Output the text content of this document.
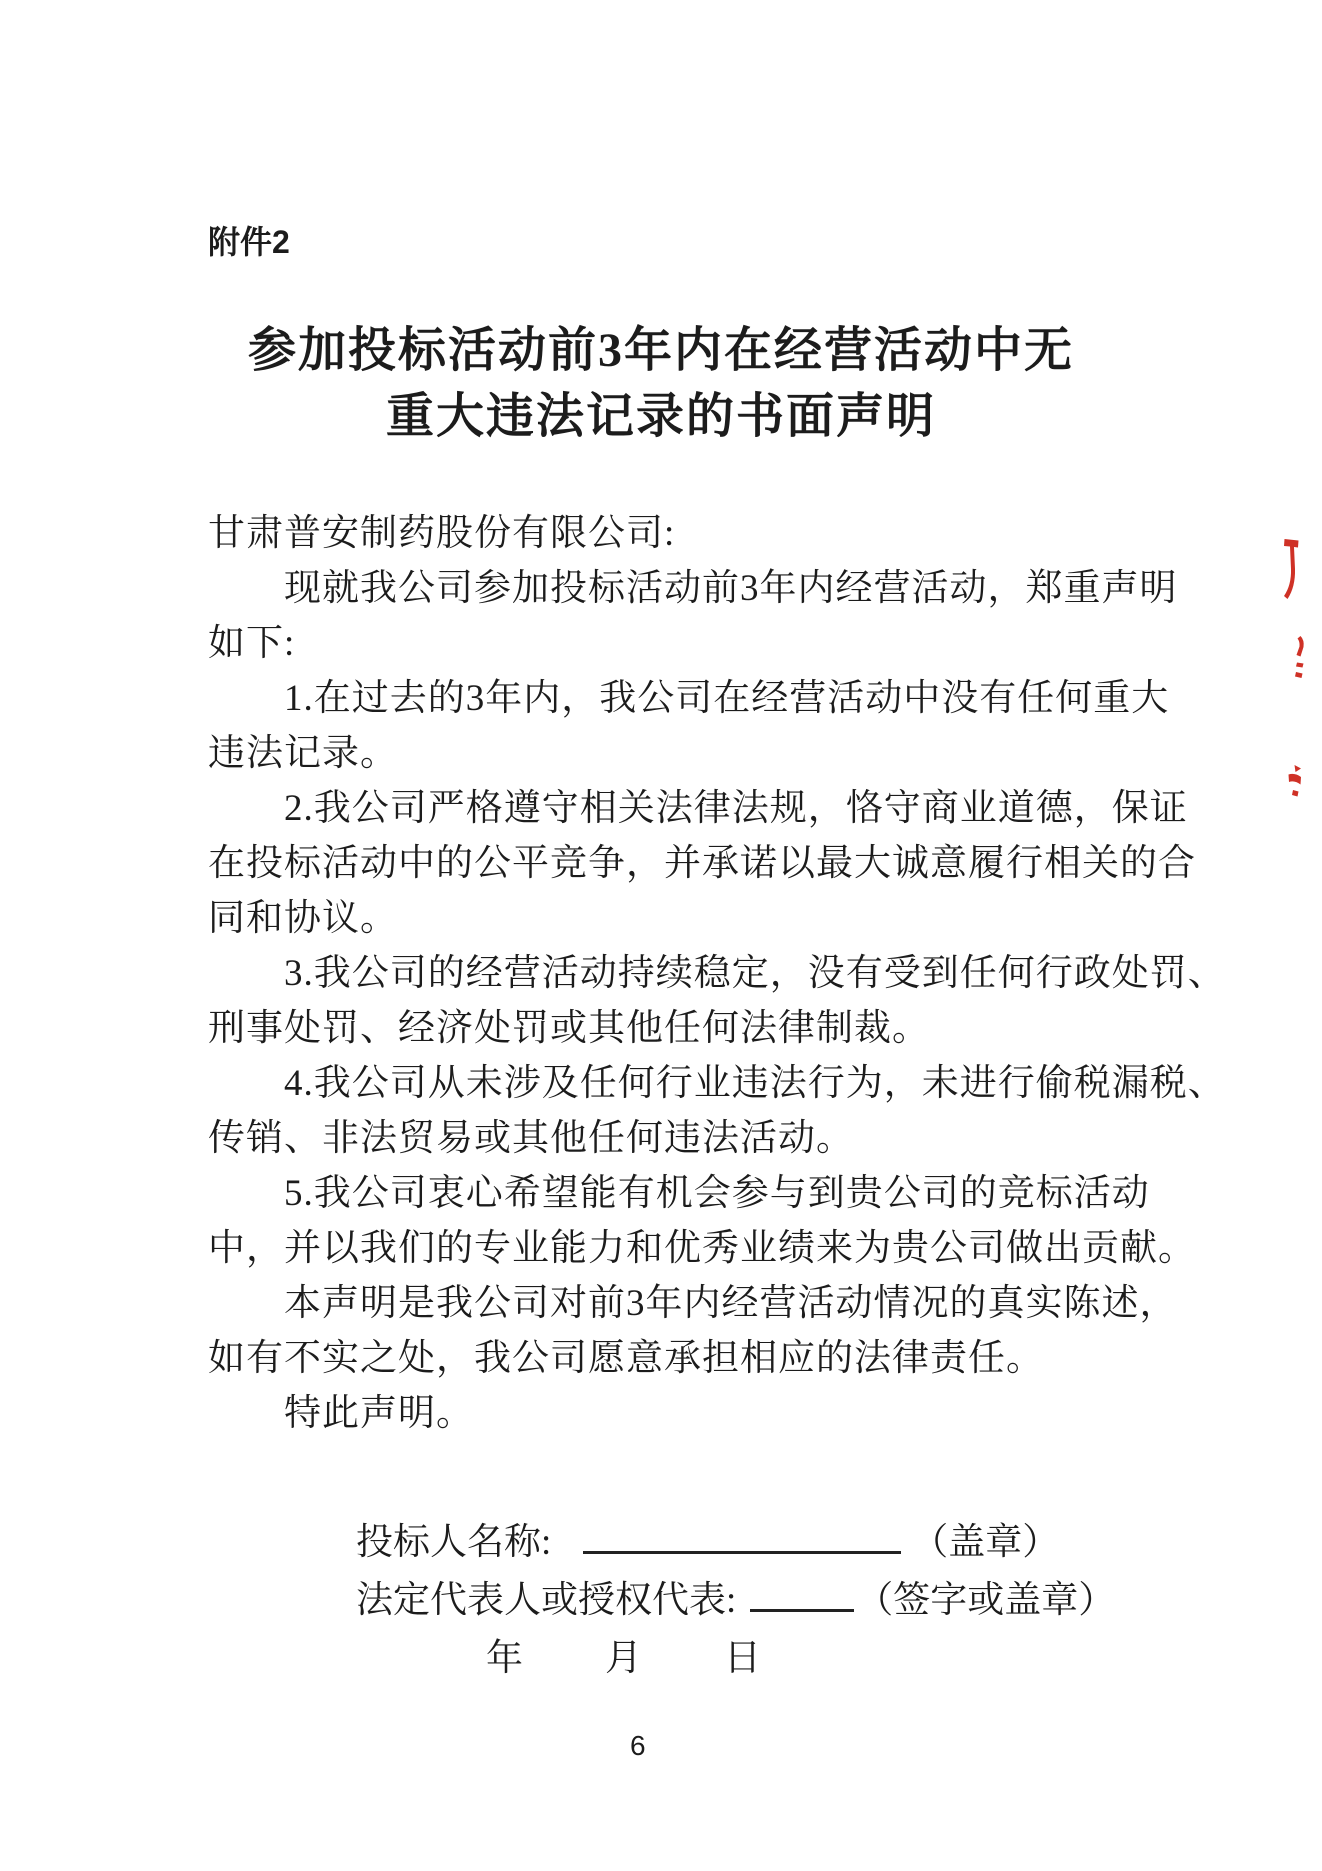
附件2
参加投标活动前3年内在经营活动中无
重大违法记录的书面声明
甘肃普安制药股份有限公司:
现就我公司参加投标活动前3年内经营活动，郑重声明
如下:
1.在过去的3年内，我公司在经营活动中没有任何重大
违法记录。
2.我公司严格遵守相关法律法规，恪守商业道德，保证
在投标活动中的公平竞争，并承诺以最大诚意履行相关的合
同和协议。
3.我公司的经营活动持续稳定，没有受到任何行政处罚、
刑事处罚、经济处罚或其他任何法律制裁。
4.我公司从未涉及任何行业违法行为，未进行偷税漏税、
传销、非法贸易或其他任何违法活动。
5.我公司衷心希望能有机会参与到贵公司的竞标活动
中，并以我们的专业能力和优秀业绩来为贵公司做出贡献。
本声明是我公司对前3年内经营活动情况的真实陈述，
如有不实之处，我公司愿意承担相应的法律责任。
特此声明。
投标人名称:	（盖章）
法定代表人或授权代表:	（签字或盖章）
年 月 日
6
